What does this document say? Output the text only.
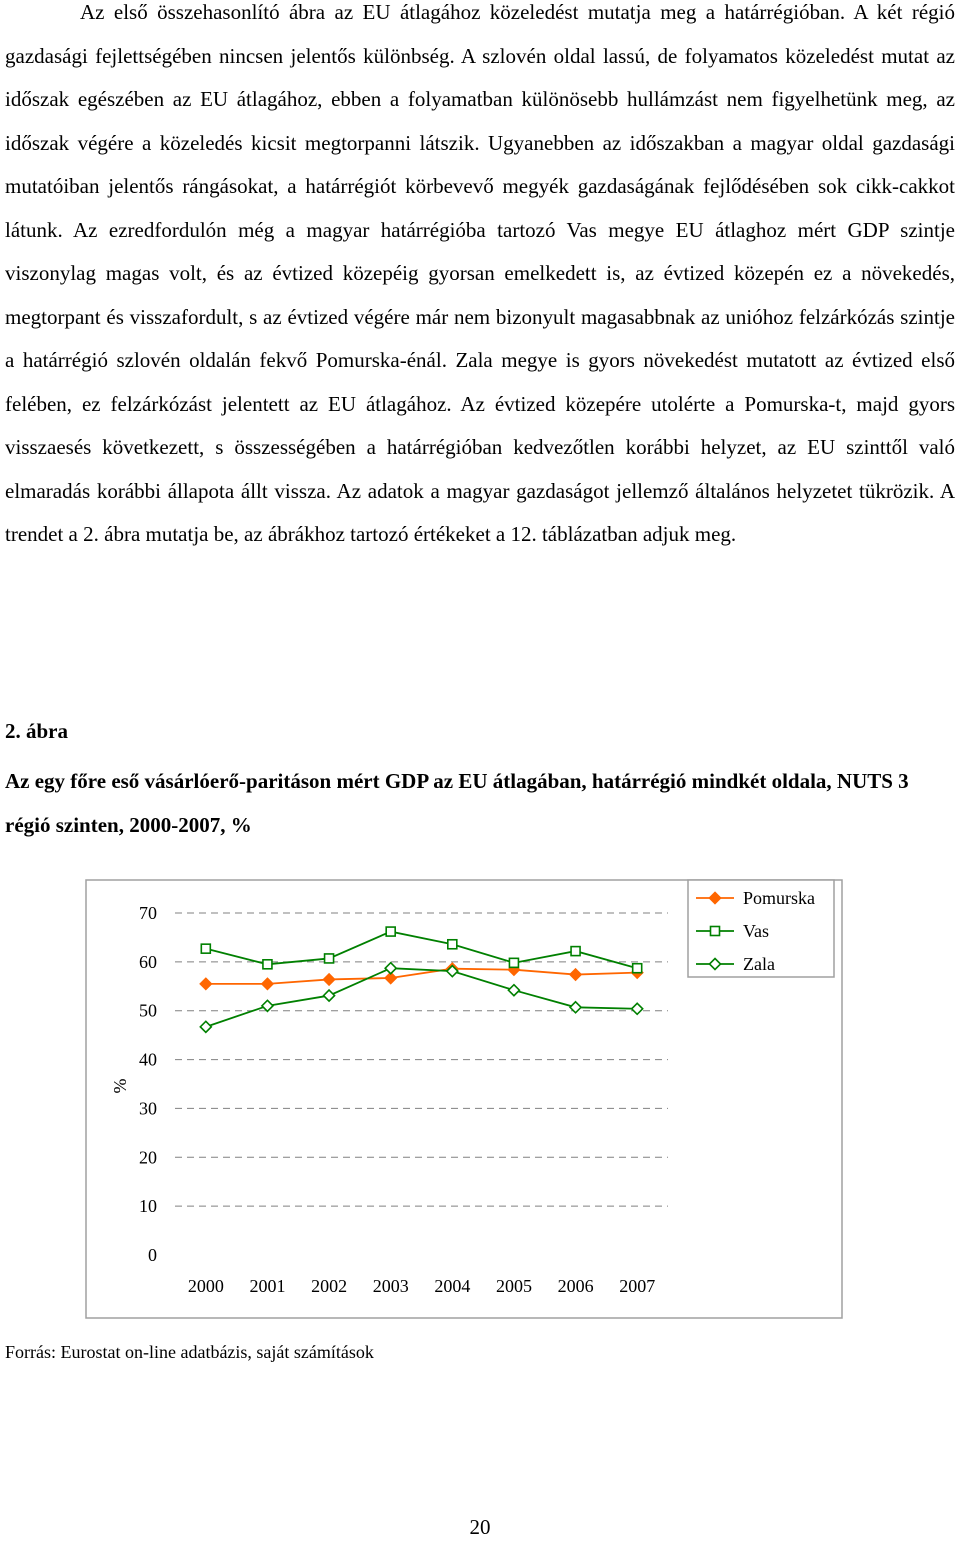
Az első összehasonlító ábra az EU átlagához közeledést mutatja meg a határrégióban. A két régió gazdasági fejlettségében nincsen jelentős különbség. A szlovén oldal lassú, de folyamatos közeledést mutat az időszak egészében az EU átlagához, ebben a folyamatban különösebb hullámzást nem figyelhetünk meg, az időszak végére a közeledés kicsit megtorpanni látszik. Ugyanebben az időszakban a magyar oldal gazdasági mutatóiban jelentős rángásokat, a határrégiót körbevevő megyék gazdaságának fejlődésében sok cikk-cakkot látunk. Az ezredfordulón még a magyar határrégióba tartozó Vas megye EU átlaghoz mért GDP szintje viszonylag magas volt, és az évtized közepéig gyorsan emelkedett is, az évtized közepén ez a növekedés, megtorpant és visszafordult, s az évtized végére már nem bizonyult magasabbnak az unióhoz felzárkózás szintje a határrégió szlovén oldalán fekvő Pomurska-énál. Zala megye is gyors növekedést mutatott az évtized első felében, ez felzárkózást jelentett az EU átlagához. Az évtized közepére utolérte a Pomurska-t, majd gyors visszaesés következett, s összességében a határrégióban kedvezőtlen korábbi helyzet, az EU szinttől való elmaradás korábbi állapota állt vissza. Az adatok a magyar gazdaságot jellemző általános helyzetet tükrözik. A trendet a 2. ábra mutatja be, az ábrákhoz tartozó értékeket a 12. táblázatban adjuk meg.

2. ábra

Az egy főre eső vásárlóerő-paritáson mért GDP az EU átlagában, határrégió mindkét oldala, NUTS 3 régió szinten, 2000-2007, %

0
10
20
30
40
50
60
70
2000 2001 2002 2003 2004 2005 2006 2007
%
Pomurska
Vas
Zala

Forrás: Eurostat on-line adatbázis, saját számítások

20
